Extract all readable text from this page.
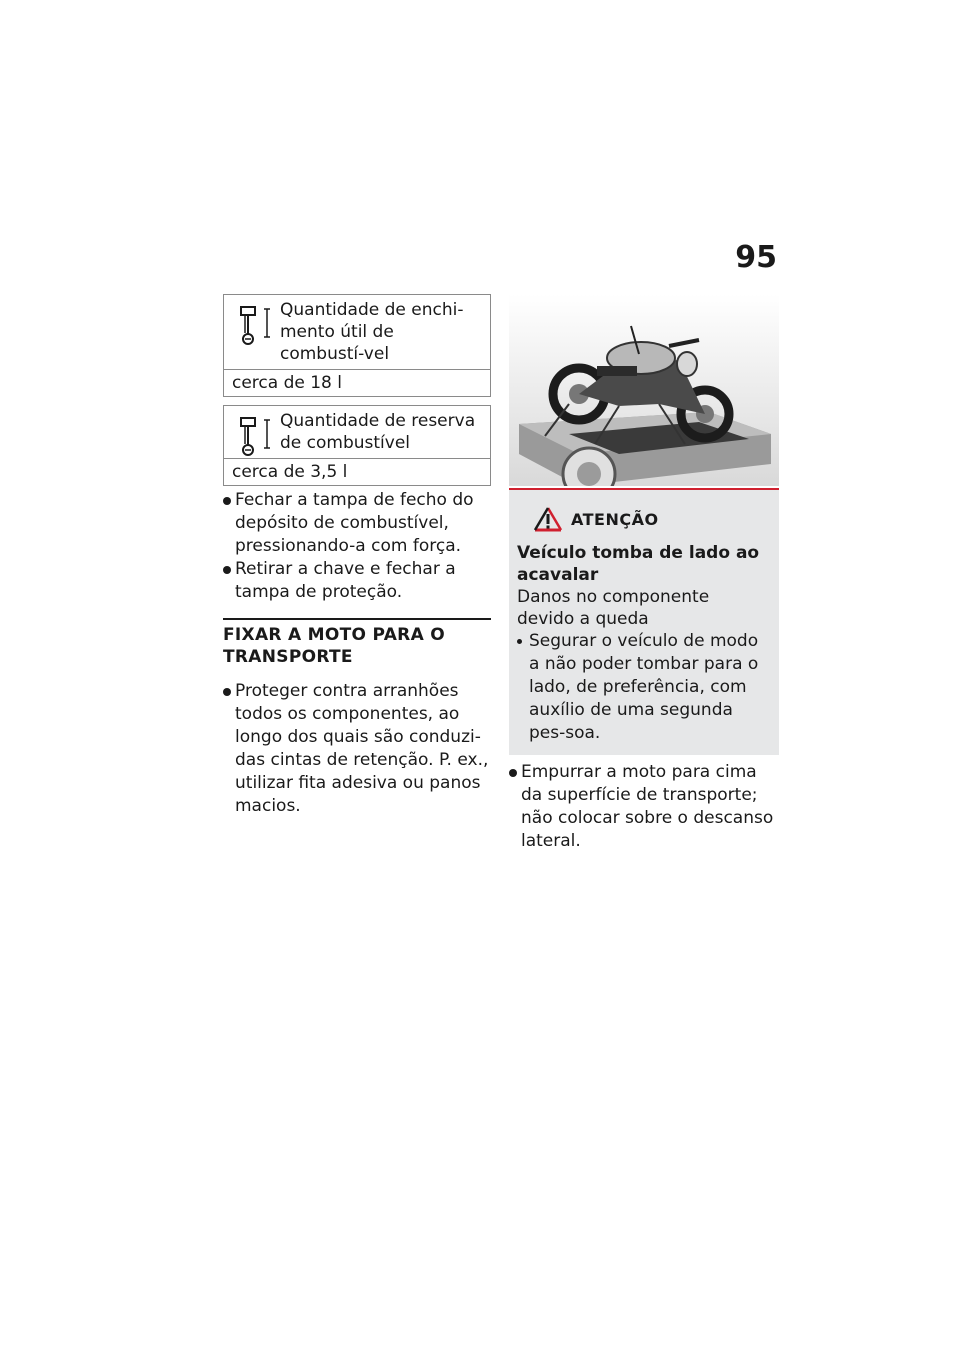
95
Quantidade de enchi-mento útil de combustí-vel
cerca de 18 l
Quantidade de reserva de combustível
cerca de 3,5 l
Fechar a tampa de fecho do depósito de combustível, pressionando-a com força.
Retirar a chave e fechar a tampa de proteção.
FIXAR A MOTO PARA O TRANSPORTE
Proteger contra arranhões todos os componentes, ao longo dos quais são conduzi-das cintas de retenção. P. ex., utilizar fita adesiva ou panos macios.
ATENÇÃO
Veículo tomba de lado ao acavalar
Danos no componente devido a queda
Segurar o veículo de modo a não poder tombar para o lado, de preferência, com auxílio de uma segunda pes-soa.
Empurrar a moto para cima da superfície de transporte; não colocar sobre o descanso lateral.
